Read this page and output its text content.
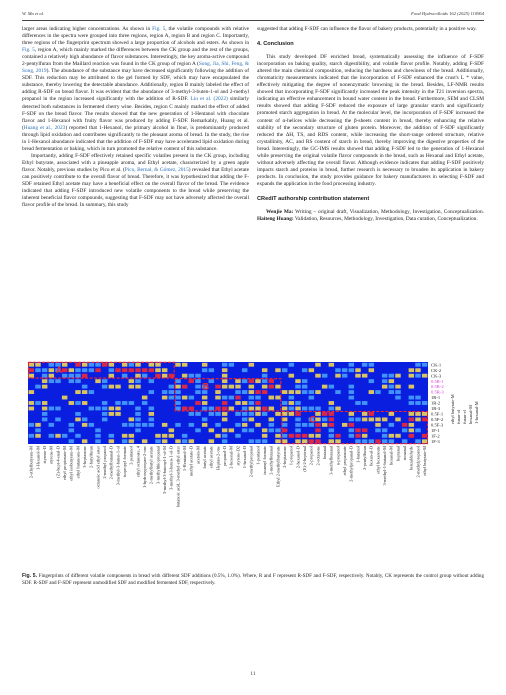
W. Ma et al.	Food Hydrocolloids 162 (2025) 110964

larger areas indicating higher concentrations. As shown in Fig. 5, the volatile compounds with relative differences in the spectra were grouped into three regions, region A, region B and region C. Importantly, three regions of the fingerprint spectrum showed a large proportion of alcohols and esters. As shown in Fig. 5, region A, which mainly marked the differences between the CK group and the rest of the groups, contained a relatively high abundance of flavor substances. Interestingly, the key aroma-active compound 2-pentylfuran from the Maillard reaction was found in the CK group of region A (Song, Jia, Shi, Feng, & Song, 2019). The abundance of the substance may have decreased significantly following the addition of SDF. This reduction may be attributed to the gel formed by SDF, which may have encapsulated the substance, thereby lowering the detectable abundance. Additionally, region B mainly labeled the effect of adding R-SDF on bread flavor. It was evident that the abundance of 3-methyl-3-buten-1-ol and 2-methyl propanol in the region increased significantly with the addition of R-SDF. Liu et al. (2022) similarly detected both substances in fermented cherry wine. Besides, region C mainly marked the effect of added F-SDF on the bread flavor. The results showed that the new generation of 1-Hentanol with chocolate flavor and 1-Hexanol with fruity flavor was produced by adding F-SDF. Remarkably, Huang et al. (Huang et al., 2023) reported that 1-Hexanol, the primary alcohol in flour, is predominantly produced through lipid oxidation and contributes significantly to the pleasant aroma of bread. In the study, the rise in 1-Hexanol abundance indicated that the addition of F-SDF may have accelerated lipid oxidation during bread fermentation or baking, which in turn promoted the relative content of this substance.

Importantly, adding F-SDF effectively retained specific volatiles present in the CK group, including Ethyl butyrate, associated with a pineapple aroma, and Ethyl acetate, characterized by a green apple flavor. Notably, previous studies by Pico et al. (Pico, Bernal, & Gómez, 2015) revealed that Ethyl acetate can positively contribute to the overall flavor of bread. Therefore, it was hypothesized that adding the F-SDF retained Ethyl acetate may have a beneficial effect on the overall flavor of the bread. The evidence indicated that adding F-SDF introduced new volatile components to the bread while preserving the inherent beneficial flavor compounds, suggesting that F-SDF may not have adversely affected the overall flavor profile of the bread. In summary, this study

suggested that adding F-SDF can influence the flavor of bakery products, potentially in a positive way.

4. Conclusion

This study developed DF enriched bread, systematically assessing the influence of F-SDF incorporation on baking quality, starch digestibility, and volatile flavor profile. Notably, adding F-SDF altered the main chemical composition, reducing the hardness and chewiness of the bread. Additionally, chromaticity measurements indicated that the incorporation of F-SDF enhanced the crust's L * value, effectively mitigating the degree of nonenzymatic browning in the bread. Besides, LF-NMR results showed that incorporating F-SDF significantly increased the peak intensity in the T21 inversion spectra, indicating an effective enhancement in bound water content in the bread. Furthermore, SEM and CLSM results showed that adding F-SDF reduced the exposure of large granular starch and significantly promoted starch aggregation in bread. At the molecular level, the incorporation of F-SDF increased the content of α-helices while decreasing the β-sheets content in bread, thereby enhancing the relative stability of the secondary structure of gluten protein. Moreover, the addition of F-SDF significantly reduced the ΔH, TS, and RDS content, while increasing the short-range ordered structure, relative crystallinity, AC, and RS content of starch in bread, thereby improving the digestive properties of the bread. Interestingly, the GC-IMS results showed that adding F-SDF led to the generation of 1-Hexanol while preserving the original volatile flavor compounds in the bread, such as Hexanal and Ethyl acetate, without adversely affecting the overall flavor. Although evidence indicates that adding F-SDF positively impacts starch and proteins in bread, further research is necessary to broaden its application in bakery products. In conclusion, the study provides guidance for bakery manufacturers in selecting F-SDF and expands the application in the food processing industry.

CRediT authorship contribution statement

Wenjie Ma: Writing – original draft, Visualization, Methodology, Investigation, Conceptualization. Haiteng Huang: Validation, Resources, Methodology, Investigation, Data curation, Conceptualization.

A
B
C
CK-1
CK-2
CK-3
0.5R-1
0.5R-2
0.5R-3
1R-1
1R-2
1R-3
0.5F-1
0.5F-2
0.5F-3
1F-1
1F-2
1F-3
2-ethylbutyrate-M 1-Hexanol-M styrene-D styrene-M (Z)-hept-4-enal-D ethyl propionate-M ethyl isobutyrate-M ethyl butanoate-M 3-heptanone 2-butylfuran octanoic acid ethyl ester 2-methyl propanol 2-methylbutanal-D 3-methyl-3-buten-1-ol isopropyl formate 2-pentanol ethyl octanoate, 4 1-hydroxypropan-2-one 2-methylbutyl acetate 3-methylthiopropanal 3-methyl-3-butenyl-1-ol-M 3-methyl-3-buten-1-ol-D butanoic acid, 3-methyl-ethyl ester 1-Hentanol-M methyl acetate-D acetoin-M butyl acetate ethyl acetate Heptan-2-one propanol-D 2-hexenal-M styrene-D2 1-hexanol-D 2-methylpropanal 1-pentanol isoamyl formate 2-methylbutanal Ethyl 2-methylbutyrate 2-heptanone 1-propanol 2-hexanol-D (E)-2-heptenal 2-propanol 2-octanone butanal 3-methylbutanal n-propanol ethyl propanoate 2-methylpropanal-D 1-butanol 2-pentylfuran hexan-al-D ethyl hexanoate 3-methyl-1-butanol-M hexanal-M heptanal nonanal benzaldehyde 2-methylpropanol ethyl butyrate-M
ethyl butyrate-M furan-ol furan-el hexanal-M 1-hexanal-M
Fig. 5. Fingerprints of different volatile components in bread with different SDF additions (0.5%, 1.0%). Where, R and F represent R-SDF and F-SDF, respectively. Notably, CK represents the control group without adding SDF. R-SDF and F-SDF represent unmodified SDF and modified fermented SDF, respectively.
11
